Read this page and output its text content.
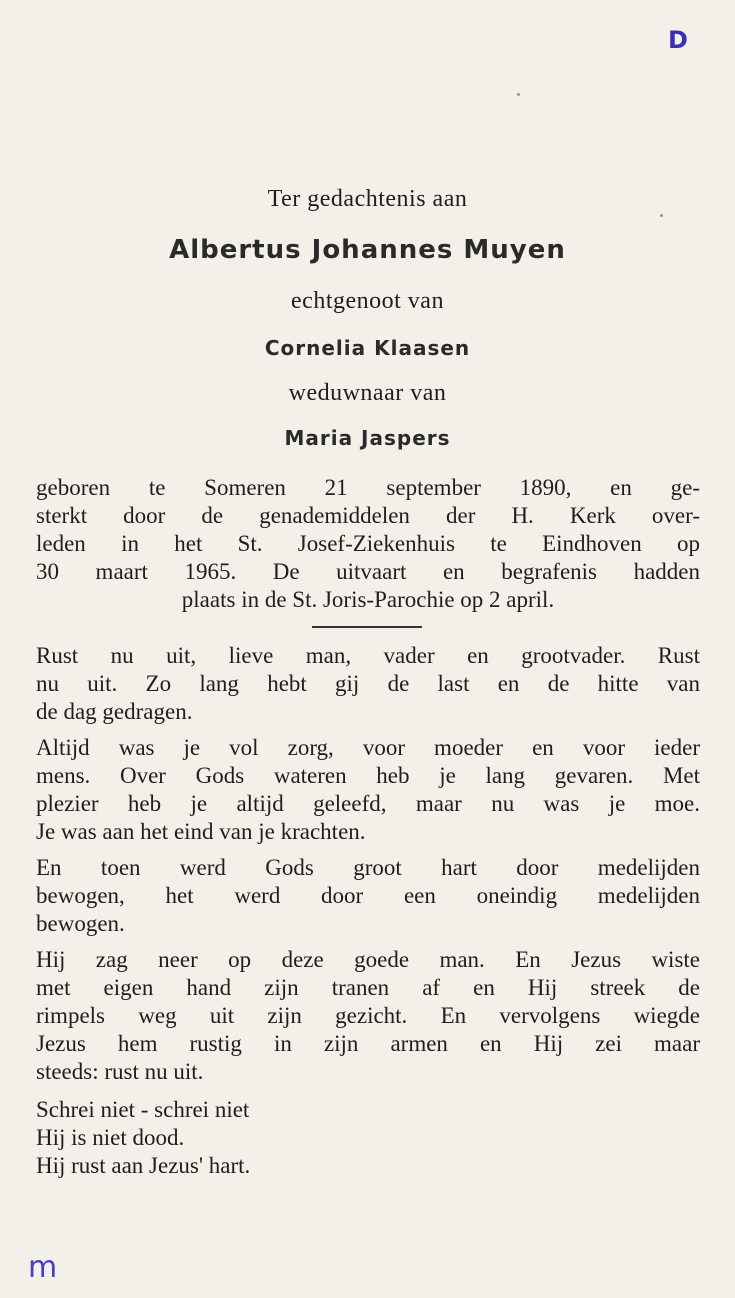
D
Ter gedachtenis aan
Albertus Johannes Muyen
echtgenoot van
Cornelia Klaasen
weduwnaar van
Maria Jaspers
geboren te Someren 21 september 1890, en ge-
sterkt door de genademiddelen der H. Kerk over-
leden in het St. Josef-Ziekenhuis te Eindhoven op
30 maart 1965. De uitvaart en begrafenis hadden
plaats in de St. Joris-Parochie op 2 april.
Rust nu uit, lieve man, vader en grootvader. Rust
nu uit. Zo lang hebt gij de last en de hitte van
de dag gedragen.
Altijd was je vol zorg, voor moeder en voor ieder
mens. Over Gods wateren heb je lang gevaren. Met
plezier heb je altijd geleefd, maar nu was je moe.
Je was aan het eind van je krachten.
En toen werd Gods groot hart door medelijden
bewogen, het werd door een oneindig medelijden
bewogen.
Hij zag neer op deze goede man. En Jezus wiste
met eigen hand zijn tranen af en Hij streek de
rimpels weg uit zijn gezicht. En vervolgens wiegde
Jezus hem rustig in zijn armen en Hij zei maar
steeds: rust nu uit.
Schrei niet - schrei niet
Hij is niet dood.
Hij rust aan Jezus' hart.
m
